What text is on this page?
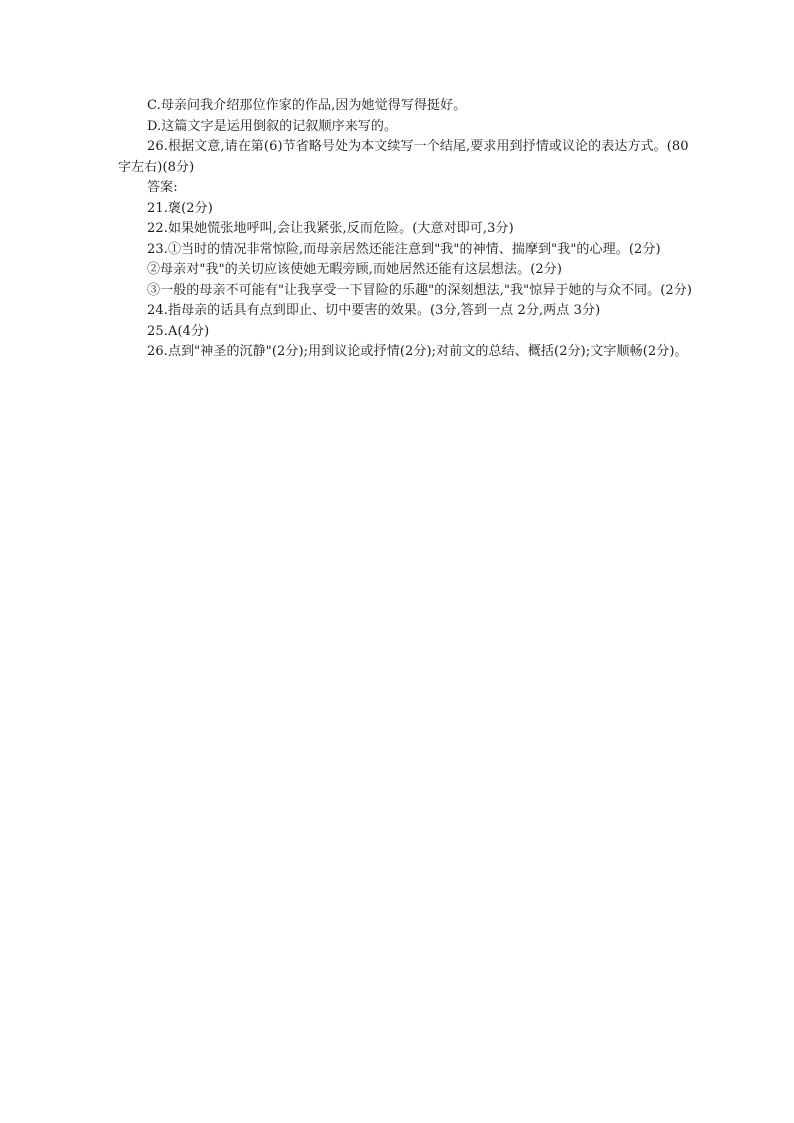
C.母亲问我介绍那位作家的作品,因为她觉得写得挺好。

D.这篇文字是运用倒叙的记叙顺序来写的。

26.根据文意,请在第(6)节省略号处为本文续写一个结尾,要求用到抒情或议论的表达方式。(80字左右)(8分)

答案:

21.褒(2分)

22.如果她慌张地呼叫,会让我紧张,反而危险。(大意对即可,3分)

23.①当时的情况非常惊险,而母亲居然还能注意到"我"的神情、揣摩到"我"的心理。(2分)

②母亲对"我"的关切应该使她无暇旁顾,而她居然还能有这层想法。(2分)

③一般的母亲不可能有"让我享受一下冒险的乐趣"的深刻想法,"我"惊异于她的与众不同。(2分)

24.指母亲的话具有点到即止、切中要害的效果。(3分,答到一点 2分,两点 3分)

25.A(4分)

26.点到"神圣的沉静"(2分);用到议论或抒情(2分);对前文的总结、概括(2分);文字顺畅(2分)。
